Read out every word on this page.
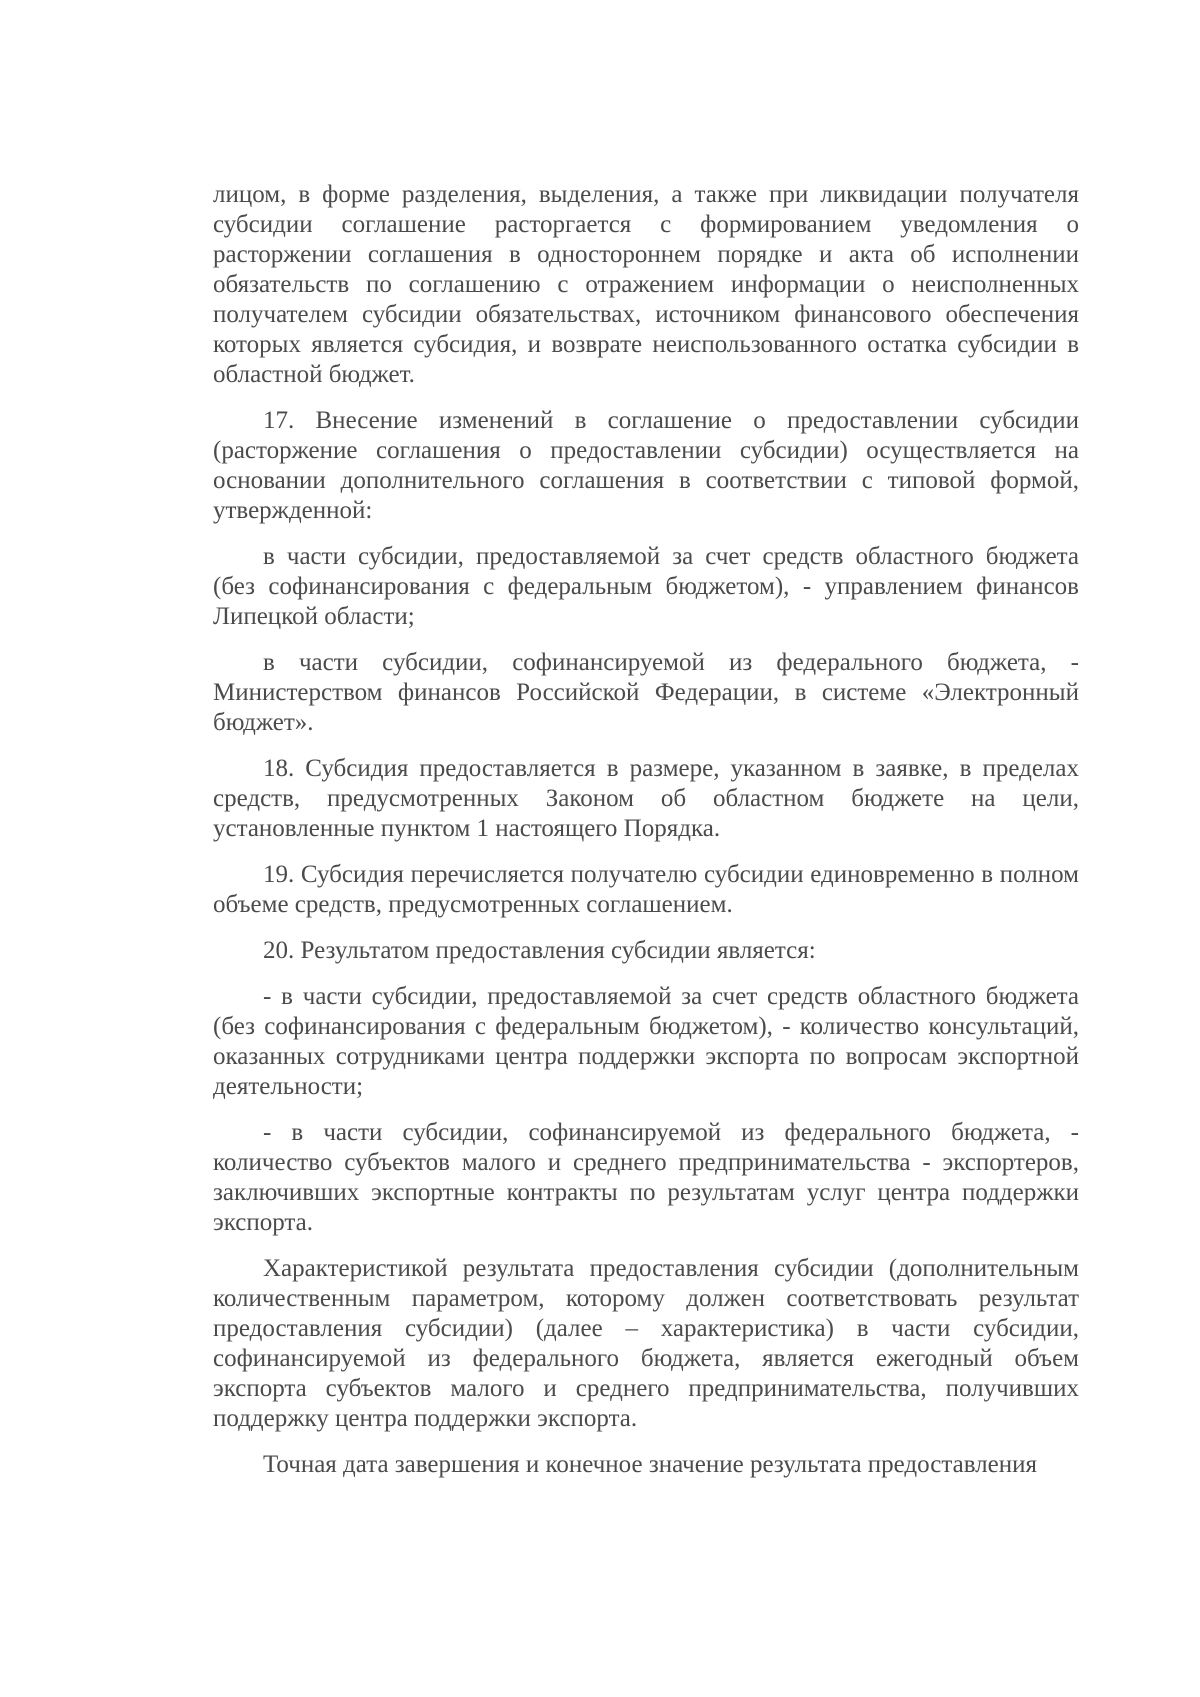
лицом, в форме разделения, выделения, а также при ликвидации получателя субсидии соглашение расторгается с формированием уведомления о расторжении соглашения в одностороннем порядке и акта об исполнении обязательств по соглашению с отражением информации о неисполненных получателем субсидии обязательствах, источником финансового обеспечения которых является субсидия, и возврате неиспользованного остатка субсидии в областной бюджет.

17. Внесение изменений в соглашение о предоставлении субсидии (расторжение соглашения о предоставлении субсидии) осуществляется на основании дополнительного соглашения в соответствии с типовой формой, утвержденной:

в части субсидии, предоставляемой за счет средств областного бюджета (без софинансирования с федеральным бюджетом), - управлением финансов Липецкой области;

в части субсидии, софинансируемой из федерального бюджета, - Министерством финансов Российской Федерации, в системе «Электронный бюджет».

18. Субсидия предоставляется в размере, указанном в заявке, в пределах средств, предусмотренных Законом об областном бюджете на цели, установленные пунктом 1 настоящего Порядка.

19. Субсидия перечисляется получателю субсидии единовременно в полном объеме средств, предусмотренных соглашением.

20. Результатом предоставления субсидии является:

- в части субсидии, предоставляемой за счет средств областного бюджета (без софинансирования с федеральным бюджетом), - количество консультаций, оказанных сотрудниками центра поддержки экспорта по вопросам экспортной деятельности;

- в части субсидии, софинансируемой из федерального бюджета, - количество субъектов малого и среднего предпринимательства - экспортеров, заключивших экспортные контракты по результатам услуг центра поддержки экспорта.

Характеристикой результата предоставления субсидии (дополнительным количественным параметром, которому должен соответствовать результат предоставления субсидии) (далее – характеристика) в части субсидии, софинансируемой из федерального бюджета, является ежегодный объем экспорта субъектов малого и среднего предпринимательства, получивших поддержку центра поддержки экспорта.

Точная дата завершения и конечное значение результата предоставления
